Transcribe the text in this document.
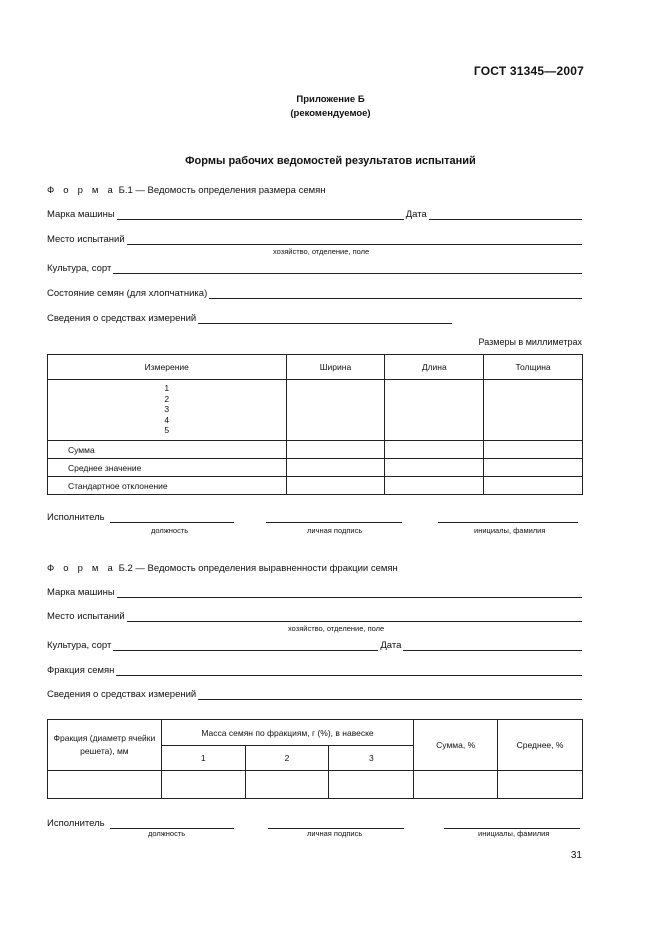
ГОСТ 31345—2007
Приложение Б
(рекомендуемое)
Формы рабочих ведомостей результатов испытаний
Ф о р м а Б.1 — Ведомость определения размера семян
Марка машины	Дата
Место испытаний
хозяйство, отделение, поле
Культура, сорт
Состояние семян (для хлопчатника)
Сведения о средствах измерений
Размеры в миллиметрах
Измерение	Ширина	Длина	Толщина

1
2
3
4
5			

Сумма			
Среднее значение			
Стандартное отклонение			
Исполнитель
должность	личная подпись	инициалы, фамилия
Ф о р м а Б.2 — Ведомость определения выравненности фракции семян
Марка машины
Место испытаний
хозяйство, отделение, поле
Культура, сорт	Дата
Фракция семян
Сведения о средствах измерений
Фракция (диаметр ячейки решета), мм	Масса семян по фракциям, г (%), в навеске			Сумма, %	Среднее, %
	1	2	3		

Исполнитель
должность	личная подпись	инициалы, фамилия
31
